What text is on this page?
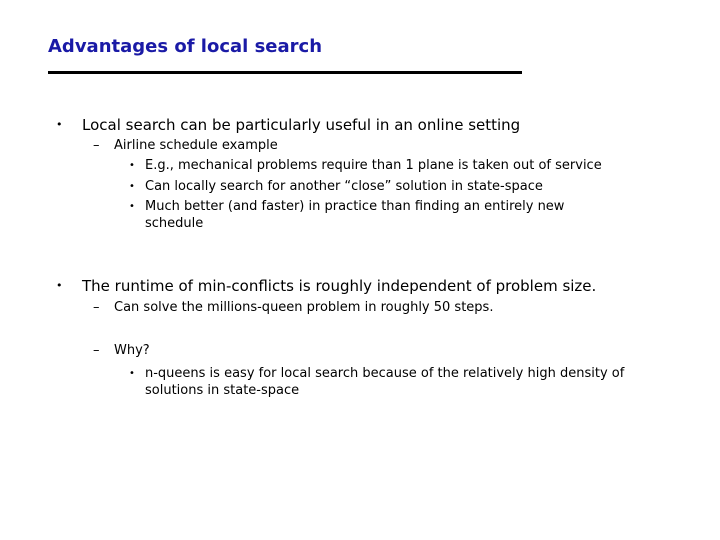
Advantages of local search
• Local search can be particularly useful in an online setting
– Airline schedule example
• E.g., mechanical problems require than 1 plane is taken out of service
• Can locally search for another “close” solution in state-space
• Much better (and faster) in practice than finding an entirely new schedule
• The runtime of min-conflicts is roughly independent of problem size.
– Can solve the millions-queen problem in roughly 50 steps.
– Why?
• n-queens is easy for local search because of the relatively high density of solutions in state-space
